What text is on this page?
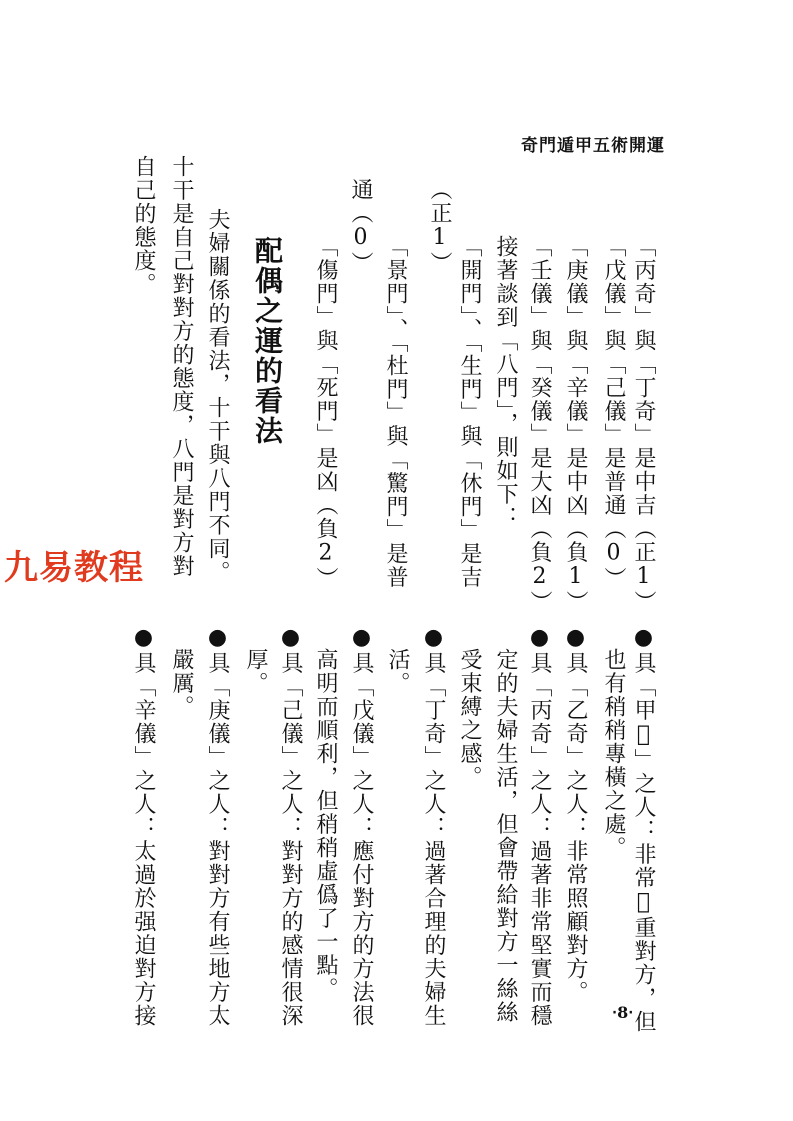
奇門遁甲五術開運
「丙奇」與「丁奇」是中吉（正1）
「戊儀」與「己儀」是普通（0）
「庚儀」與「辛儀」是中凶（負1）
「壬儀」與「癸儀」是大凶（負2）
接著談到「八門」，則如下：
「開門」、「生門」與「休門」是吉
（正1）
「景門」、「杜門」與「驚門」是普
通（0）
「傷門」與「死門」是凶（負2）
配偶之運的看法
夫婦關係的看法，十干與八門不同。
十干是自己對對方的態度，八門是對方對
自己的態度。
九易教程
●具「甲𢀳」之人：非常𢀳重對方，但
也有稍稍專橫之處。
●具「乙奇」之人：非常照顧對方。
●具「丙奇」之人：過著非常堅實而穩
定的夫婦生活，但會帶給對方一絲絲
受束縛之感。
●具「丁奇」之人：過著合理的夫婦生
活。
●具「戊儀」之人：應付對方的方法很
高明而順利，但稍稍虛僞了一點。
●具「己儀」之人：對對方的感情很深
厚。
●具「庚儀」之人：對對方有些地方太
嚴厲。
●具「辛儀」之人：太過於强迫對方接	‧8‧
